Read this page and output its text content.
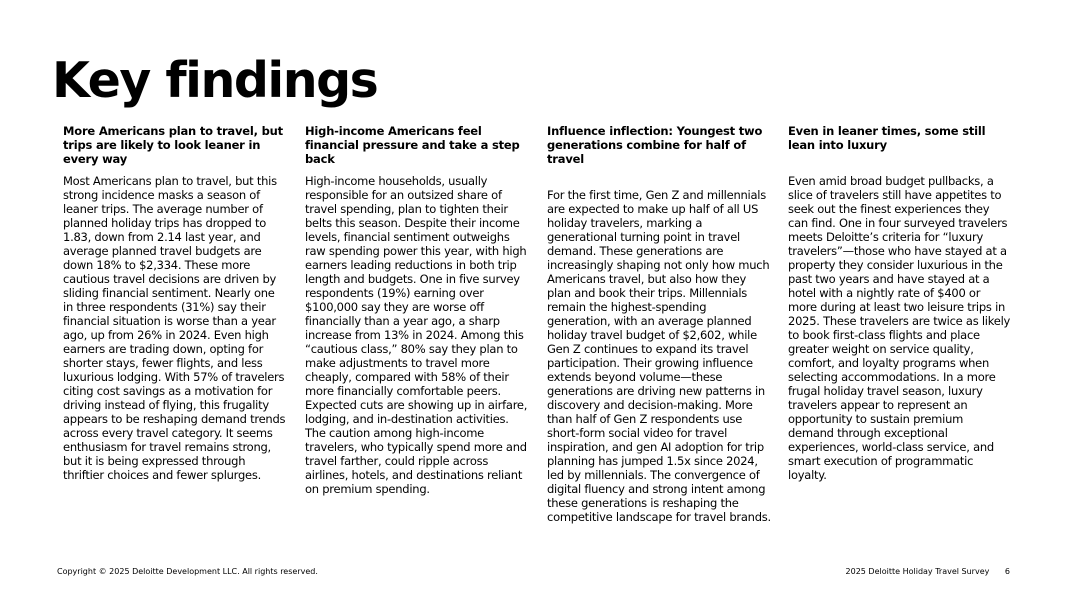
Key findings
More Americans plan to travel, but trips are likely to look leaner in every way

Most Americans plan to travel, but this strong incidence masks a season of leaner trips. The average number of planned holiday trips has dropped to 1.83, down from 2.14 last year, and average planned travel budgets are down 18% to $2,334. These more cautious travel decisions are driven by sliding financial sentiment. Nearly one in three respondents (31%) say their financial situation is worse than a year ago, up from 26% in 2024. Even high earners are trading down, opting for shorter stays, fewer flights, and less luxurious lodging. With 57% of travelers citing cost savings as a motivation for driving instead of flying, this frugality appears to be reshaping demand trends across every travel category. It seems enthusiasm for travel remains strong, but it is being expressed through thriftier choices and fewer splurges.

High-income Americans feel financial pressure and take a step back

High-income households, usually responsible for an outsized share of travel spending, plan to tighten their belts this season. Despite their income levels, financial sentiment outweighs raw spending power this year, with high earners leading reductions in both trip length and budgets. One in five survey respondents (19%) earning over $100,000 say they are worse off financially than a year ago, a sharp increase from 13% in 2024. Among this “cautious class,” 80% say they plan to make adjustments to travel more cheaply, compared with 58% of their more financially comfortable peers. Expected cuts are showing up in airfare, lodging, and in-destination activities. The caution among high-income travelers, who typically spend more and travel farther, could ripple across airlines, hotels, and destinations reliant on premium spending.

Influence inflection: Youngest two generations combine for half of travel

For the first time, Gen Z and millennials are expected to make up half of all US holiday travelers, marking a generational turning point in travel demand. These generations are increasingly shaping not only how much Americans travel, but also how they plan and book their trips. Millennials remain the highest-spending generation, with an average planned holiday travel budget of $2,602, while Gen Z continues to expand its travel participation. Their growing influence extends beyond volume—these generations are driving new patterns in discovery and decision-making. More than half of Gen Z respondents use short-form social video for travel inspiration, and gen AI adoption for trip planning has jumped 1.5x since 2024, led by millennials. The convergence of digital fluency and strong intent among these generations is reshaping the competitive landscape for travel brands.

Even in leaner times, some still lean into luxury

Even amid broad budget pullbacks, a slice of travelers still have appetites to seek out the finest experiences they can find. One in four surveyed travelers meets Deloitte’s criteria for “luxury travelers”—those who have stayed at a property they consider luxurious in the past two years and have stayed at a hotel with a nightly rate of $400 or more during at least two leisure trips in 2025. These travelers are twice as likely to book first-class flights and place greater weight on service quality, comfort, and loyalty programs when selecting accommodations. In a more frugal holiday travel season, luxury travelers appear to represent an opportunity to sustain premium demand through exceptional experiences, world-class service, and smart execution of programmatic loyalty.

Copyright © 2025 Deloitte Development LLC. All rights reserved.	2025 Deloitte Holiday Travel Survey 6
